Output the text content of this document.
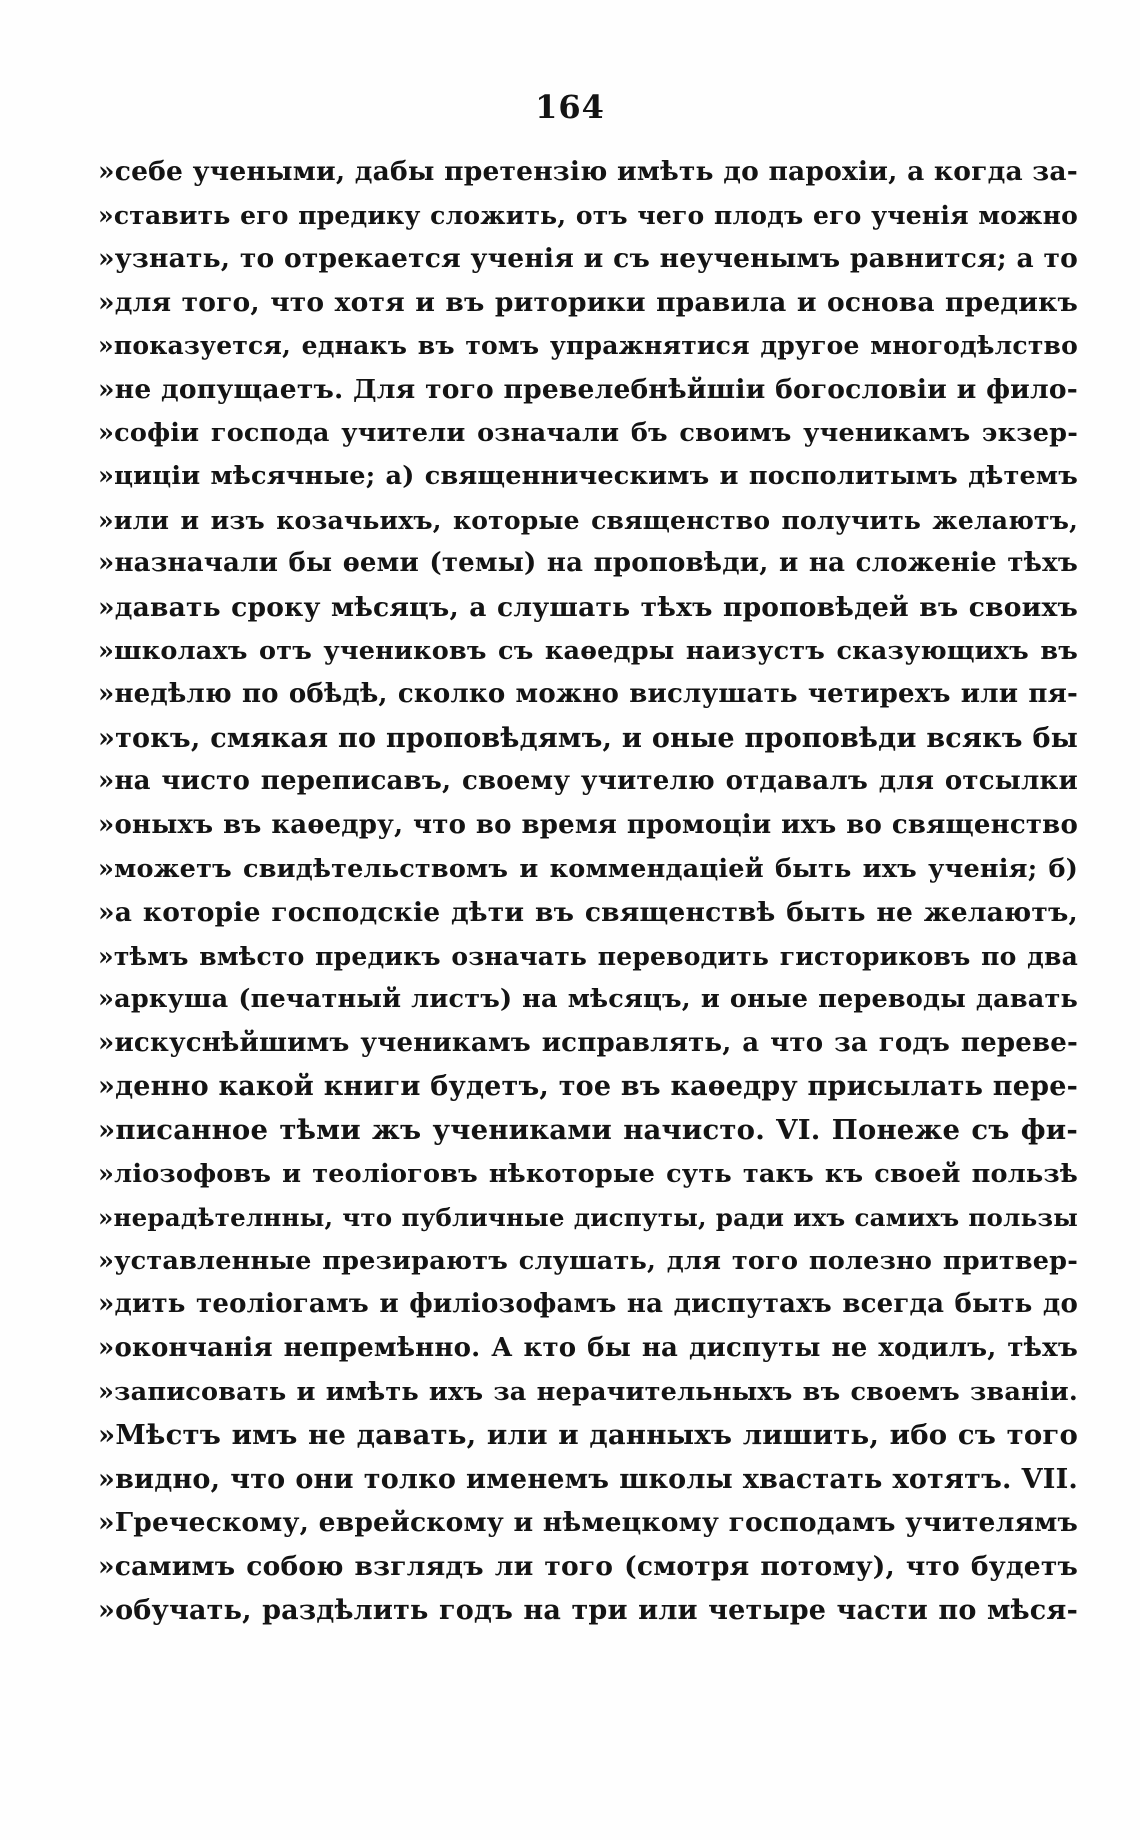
164
»себе учеными, дабы претензію имѣть до парохіи, а когда за-
»ставить его предику сложить, отъ чего плодъ его ученія можно
»узнать, то отрекается ученія и съ неученымъ равнится; а то
»для того, что хотя и въ риторики правила и основа предикъ
»показуется, еднакъ въ томъ упражнятися другое многодѣлство
»не допущаетъ. Для того превелебнѣйшіи богословіи и фило-
»софіи господа учители означали бъ своимъ ученикамъ экзер-
»цицiи мѣсячные; а) священническимъ и посполитымъ дѣтемъ
»или и изъ козачьихъ, которые священство получить желаютъ,
»назначали бы ѳеми (темы) на проповѣди, и на сложеніе тѣхъ
»давать сроку мѣсяцъ, а слушать тѣхъ проповѣдей въ своихъ
»школахъ отъ учениковъ съ каѳедры наизустъ сказующихъ въ
»недѣлю по обѣдѣ, сколко можно вислушать четирехъ или пя-
»токъ, смякая по проповѣдямъ, и оные проповѣди всякъ бы
»на чисто переписавъ, своему учителю отдавалъ для отсылки
»оныхъ въ каѳедру, что во время промоціи ихъ во священство
»можетъ свидѣтельствомъ и коммендаціей быть ихъ ученія; б)
»а которіе господскіе дѣти въ священствѣ быть не желаютъ,
»тѣмъ вмѣсто предикъ означать переводить гисториковъ по два
»аркуша (печатный листъ) на мѣсяцъ, и оные переводы давать
»искуснѣйшимъ ученикамъ исправлять, а что за годъ переве-
»денно какой книги будетъ, тое въ каѳедру присылать пере-
»писанное тѣми жъ учениками начисто. VI. Понеже съ фи-
»ліозофовъ и теоліоговъ нѣкоторые суть такъ къ своей пользѣ
»нерадѣтелнны, что публичные диспуты, ради ихъ самихъ пользы
»уставленные презираютъ слушать, для того полезно притвер-
»дить теоліогамъ и филіозофамъ на диспутахъ всегда быть до
»окончанія непремѣнно. А кто бы на диспуты не ходилъ, тѣхъ
»записовать и имѣть ихъ за нерачительныхъ въ своемъ званіи.
»Мѣстъ имъ не давать, или и данныхъ лишить, ибо съ того
»видно, что они толко именемъ школы хвастать хотятъ. VII.
»Греческому, еврейскому и нѣмецкому господамъ учителямъ
»самимъ собою взглядъ ли того (смотря потому), что будетъ
»обучать, раздѣлить годъ на три или четыре части по мѣся-
